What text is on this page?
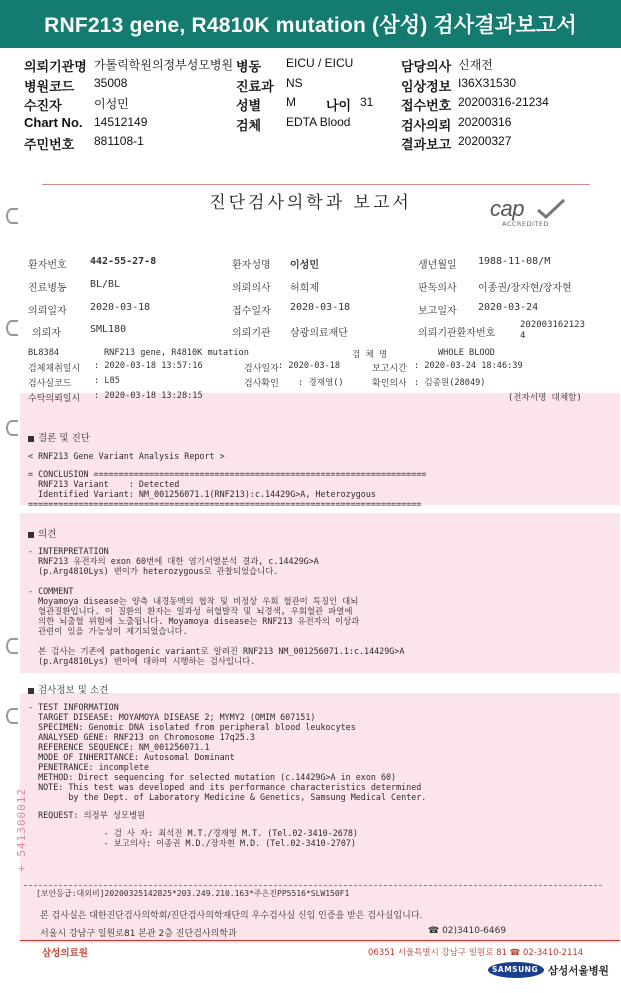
RNF213 gene, R4810K mutation (삼성) 검사결과보고서
의뢰기관명 가톨릭학원의정부성모병원 병동 EICU / EICU	담당의사 신재전
병원코드 35008	진료과 NS	임상정보 I36X31530
수진자	이성민	성별 M 나이 31 접수번호 20200316-21234
Chart No. 14512149	검체 EDTA Blood	검사의뢰 20200316
주민번호 881108-1	결과보고 20200327
진단검사의학과 보고서	cap
ACCREDITED
환자번호 442-55-27-8	환자성명 이성민	생년월일 1988-11-08/M
진료병동 BL/BL	의뢰의사 허희제	판독의사 이종권/장자현/장자현
의뢰일자 2020-03-18	접수일자 2020-03-18	보고일자 2020-03-24
의뢰자	SML180	의뢰기관 삼광의료재단	의뢰기관환자번호
202003162123 4
BL8384	RNF213 gene, R4810K mutation	검 체 명	WHOLE BLOOD
검체채취일시 : 2020-03-18 13:57:16	검사일자 : 2020-03-18	보고시간 : 2020-03-24 18:46:39
검사실코드	: L85	검사확인 : 경재영()	확인의사 : 김종원(28049)
수탁의뢰일시 : 2020-03-18 13:28:15	(전자서명 대체함)
결론 및 진단
< RNF213 Gene Variant Analysis Report >
= CONCLUSION ==================================================================
RNF213 Variant    : Detected
Identified Variant: NM_001256071.1(RNF213):c.14429G>A, Heterozygous
==============================================================================
의견
- INTERPRETATION
RNF213 유전자의 exon 60번에 대한 염기서열분석 결과, c.14429G>A
(p.Arg4810Lys) 변이가 heterozygous로 관찰되었습니다.
- COMMENT
Moyamoya disease는 양측 내경동맥의 협착 및 비정상 우회 혈관이 특징인 대뇌
혈관질환입니다. 이 질환의 환자는 일과성 허혈발작 및 뇌경색, 우회혈관 파열에
의한 뇌출혈 위험에 노출됩니다. Moyamoya disease는 RNF213 유전자의 이상과
관련이 있을 가능성이 제기되었습니다.
본 검사는 기존에 pathogenic variant로 알려진 RNF213 NM_001256071.1:c.14429G>A
(p.Arg4810Lys) 변이에 대하여 시행하는 검사입니다.
검사정보 및 소견
- TEST INFORMATION
TARGET DISEASE: MOYAMOYA DISEASE 2; MYMY2 (OMIM 607151)
SPECIMEN: Genomic DNA isolated from peripheral blood leukocytes
ANALYSED GENE: RNF213 on Chromosome 17q25.3
REFERENCE SEQUENCE: NM_001256071.1
MODE OF INHERITANCE: Autosomal Dominant
PENETRANCE: incomplete
METHOD: Direct sequencing for selected mutation (c.14429G>A in exon 60)
NOTE: This test was developed and its performance characteristics determined
by the Dept. of Laboratory Medicine & Genetics, Samsung Medical Center.
REQUEST: 의정부 성모병원
- 검 사 자: 최석진 M.T./경재영 M.T. (Tel.02-3410-2678)
- 보고의사: 이종권 M.D./장자현 M.D. (Tel.02-3410-2707)
+ 541300012
[보안등급:대외비]20200325142825*203.249.210.163*주은진PP5516*SLW150F1
본 검사실은 대한진단검사의학회/진단검사의학재단의 우수검사실 신임 인증을 받은 검사실입니다.
서울시 강남구 일원로81 본관 2층 진단검사의학과	☎ 02)3410-6469
삼성의료원	06351 서울특별시 강남구 일원로 81 ☎ 02-3410-2114
SAMSUNG 삼성서울병원
